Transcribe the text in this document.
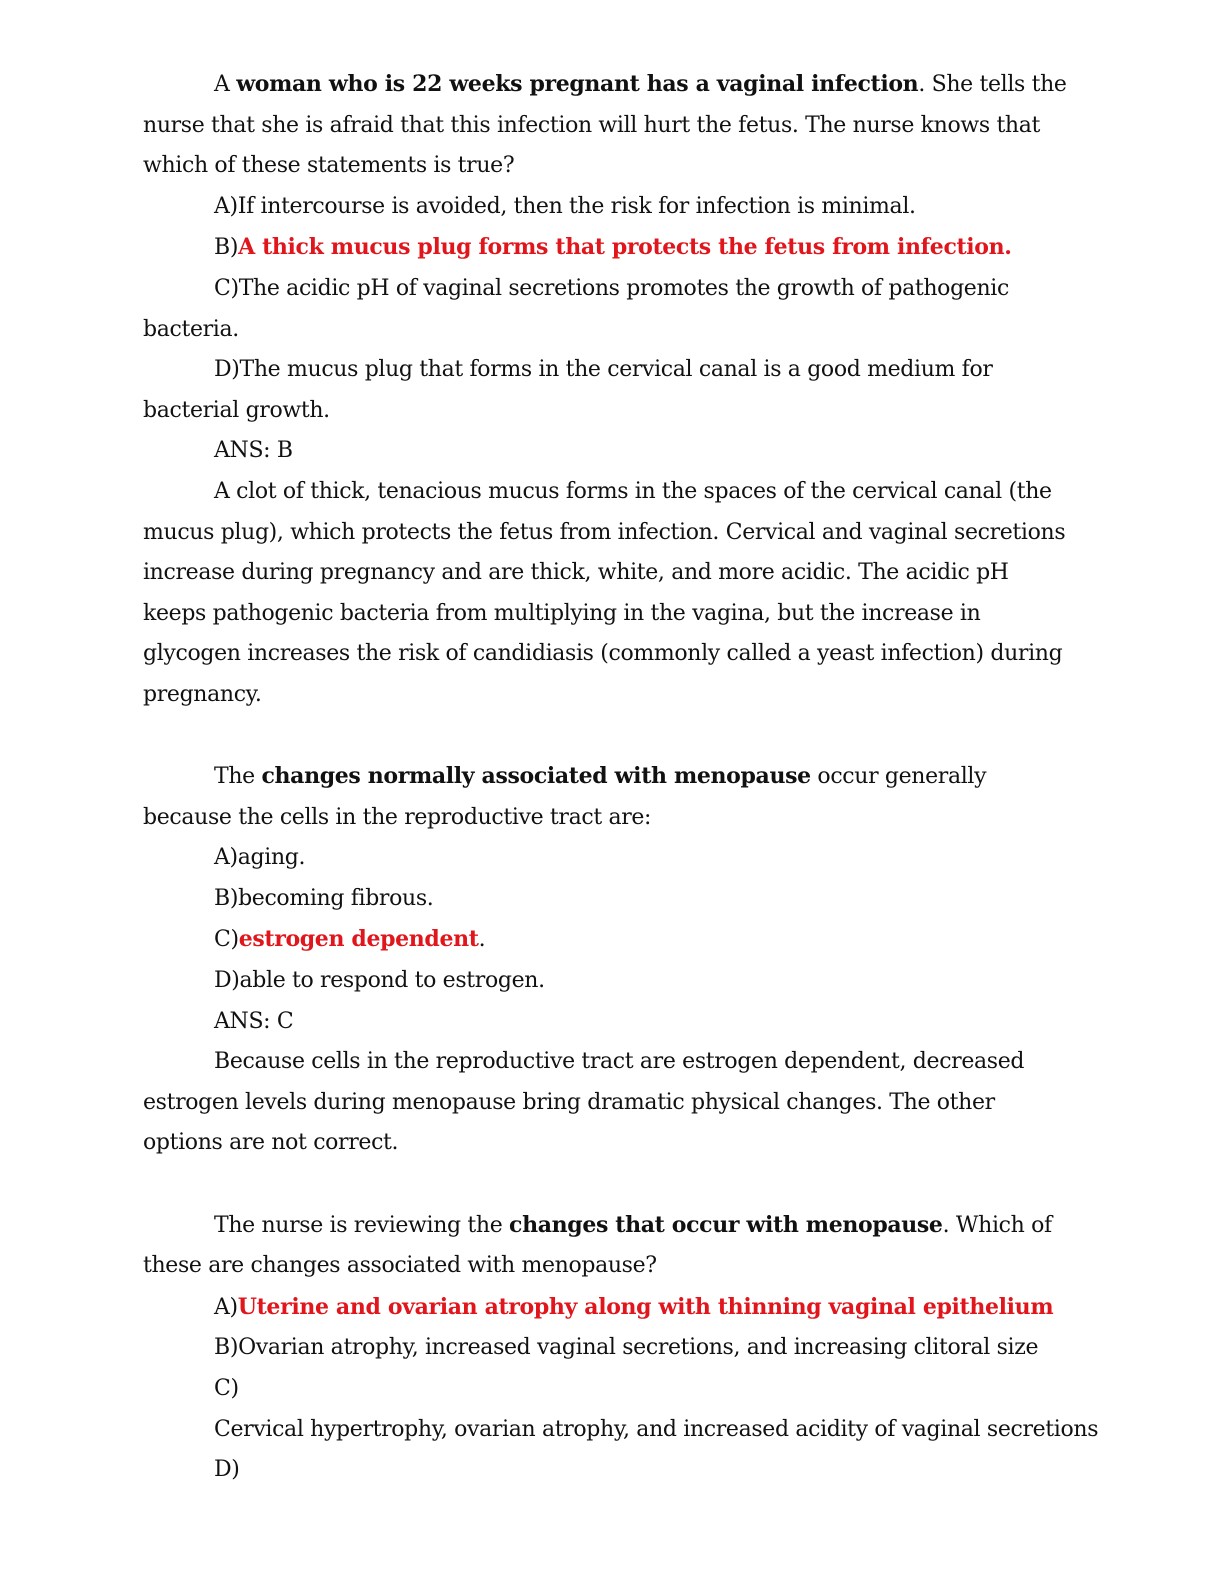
A woman who is 22 weeks pregnant has a vaginal infection. She tells the nurse that she is afraid that this infection will hurt the fetus. The nurse knows that which of these statements is true?

A)If intercourse is avoided, then the risk for infection is minimal.

B)A thick mucus plug forms that protects the fetus from infection.

C)The acidic pH of vaginal secretions promotes the growth of pathogenic bacteria.

D)The mucus plug that forms in the cervical canal is a good medium for bacterial growth.

ANS: B

A clot of thick, tenacious mucus forms in the spaces of the cervical canal (the mucus plug), which protects the fetus from infection. Cervical and vaginal secretions increase during pregnancy and are thick, white, and more acidic. The acidic pH keeps pathogenic bacteria from multiplying in the vagina, but the increase in glycogen increases the risk of candidiasis (commonly called a yeast infection) during pregnancy.

The changes normally associated with menopause occur generally because the cells in the reproductive tract are:

A)aging.

B)becoming fibrous.

C)estrogen dependent.

D)able to respond to estrogen.

ANS: C

Because cells in the reproductive tract are estrogen dependent, decreased estrogen levels during menopause bring dramatic physical changes. The other options are not correct.

The nurse is reviewing the changes that occur with menopause. Which of these are changes associated with menopause?

A)Uterine and ovarian atrophy along with thinning vaginal epithelium

B)Ovarian atrophy, increased vaginal secretions, and increasing clitoral size

C)

Cervical hypertrophy, ovarian atrophy, and increased acidity of vaginal secretions

D)
